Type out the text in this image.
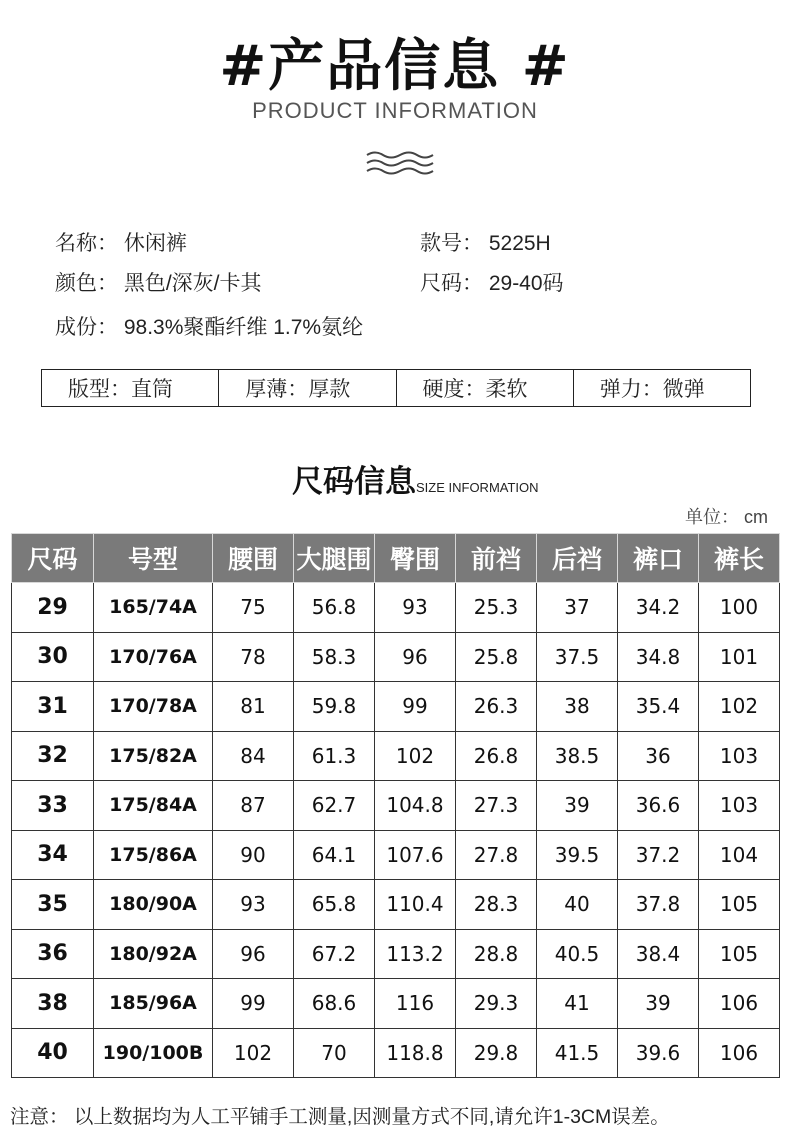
#产品信息 #
PRODUCT INFORMATION
名称： 休闲裤	款号： 5225H
颜色： 黑色/深灰/卡其	尺码： 29-40码
成份： 98.3%聚酯纤维 1.7%氨纶
版型：直筒	厚薄：厚款	硬度：柔软	弹力：微弹
尺码信息SIZE INFORMATION
单位： cm
尺码	号型	腰围	大腿围	臀围	前裆	后裆	裤口	裤长
29	165/74A	75	56.8	93	25.3	37	34.2	100
30	170/76A	78	58.3	96	25.8	37.5	34.8	101
31	170/78A	81	59.8	99	26.3	38	35.4	102
32	175/82A	84	61.3	102	26.8	38.5	36	103
33	175/84A	87	62.7	104.8	27.3	39	36.6	103
34	175/86A	90	64.1	107.6	27.8	39.5	37.2	104
35	180/90A	93	65.8	110.4	28.3	40	37.8	105
36	180/92A	96	67.2	113.2	28.8	40.5	38.4	105
38	185/96A	99	68.6	116	29.3	41	39	106
40	190/100B	102	70	118.8	29.8	41.5	39.6	106
注意： 以上数据均为人工平铺手工测量,因测量方式不同,请允许1-3CM误差。
